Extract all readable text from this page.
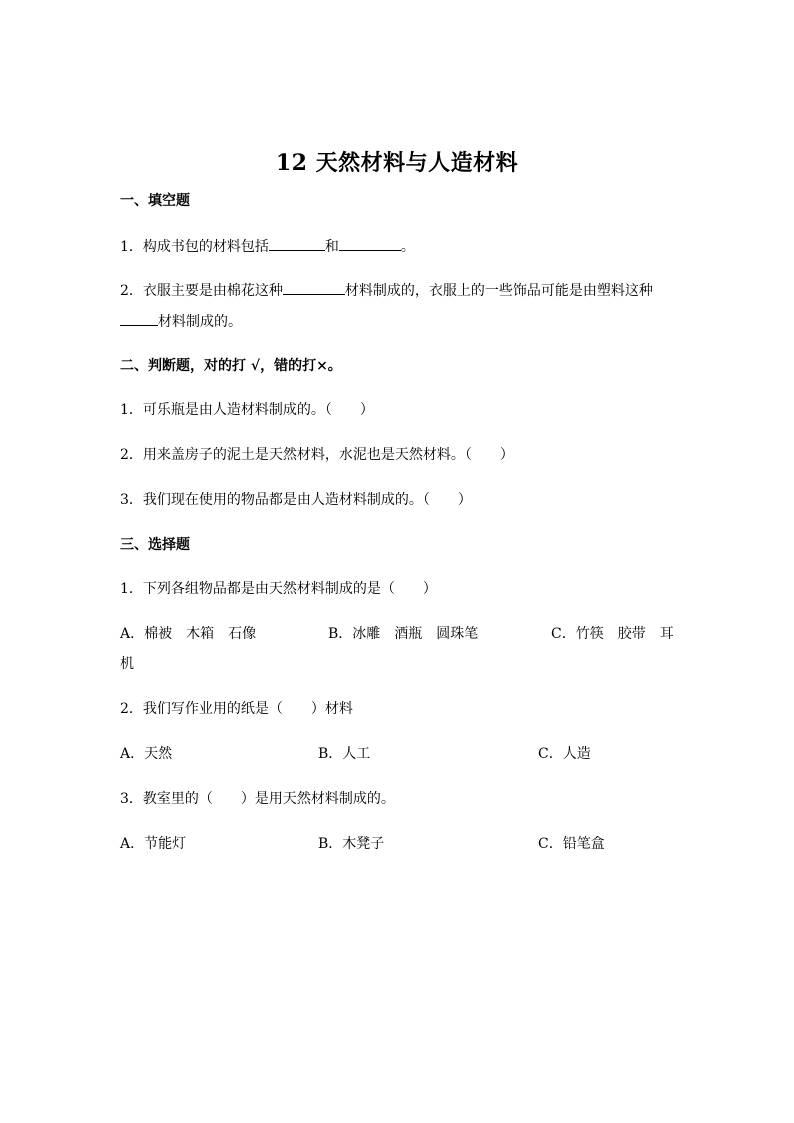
12 天然材料与人造材料
一、填空题
1．构成书包的材料包括	和	。
2．衣服主要是由棉花这种	材料制成的，衣服上的一些饰品可能是由塑料这种
材料制成的。
二、判断题，对的打 √，错的打×。
1．可乐瓶是由人造材料制成的。（　　）
2．用来盖房子的泥土是天然材料，水泥也是天然材料。（　　）
3．我们现在使用的物品都是由人造材料制成的。（　　）
三、选择题
1．下列各组物品都是由天然材料制成的是（　　）
A．棉被　木箱　石像	B．冰雕　酒瓶　圆珠笔	C．竹筷　胶带　耳
机
2．我们写作业用的纸是（　　）材料
A．天然	B．人工	C．人造
3．教室里的（　　）是用天然材料制成的。
A．节能灯	B．木凳子	C．铅笔盒
